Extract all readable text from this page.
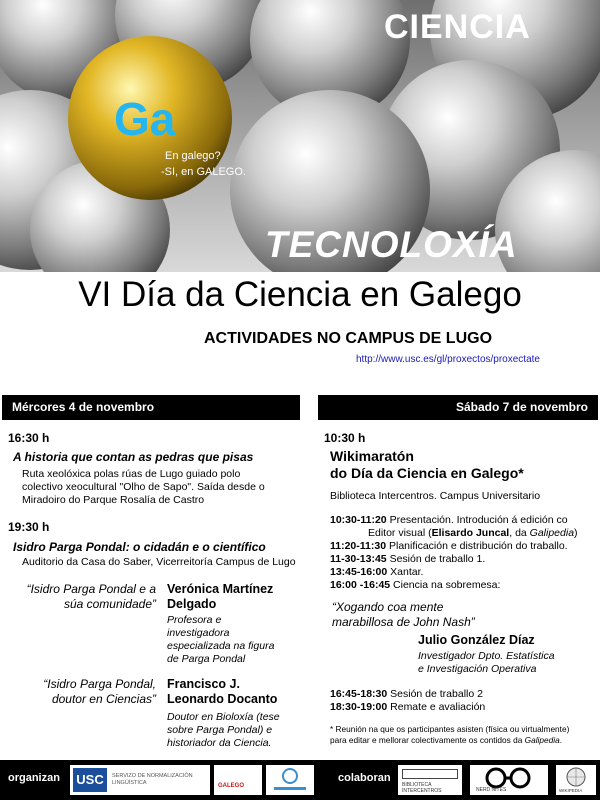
CIENCIA
Ga
En galego?
-SI, en GALEGO.
TECNOLOXÍA
VI Día da Ciencia en Galego
ACTIVIDADES NO CAMPUS DE LUGO
http://www.usc.es/gl/proxectos/proxectate
Mércores 4 de novembro	Sábado 7 de novembro
16:30 h
A historia que contan as pedras que pisas
Ruta xeolóxica polas rúas de Lugo guiado polo
colectivo xeocultural "Olho de Sapo". Saída desde o
Miradoiro do Parque Rosalía de Castro
19:30 h
Isidro Parga Pondal: o cidadán e o científico
Auditorio da Casa do Saber, Vicerreitoría Campus de Lugo
“Isidro Parga Pondal e a
súa comunidade”
Verónica Martínez
Delgado
Profesora e
investigadora
especializada na figura
de Parga Pondal
“Isidro Parga Pondal,
doutor en Ciencias”
Francisco J.
Leonardo Docanto
Doutor en Bioloxía (tese
sobre Parga Pondal) e
historiador da Ciencia.
10:30 h
Wikimaratón
do Día da Ciencia en Galego*
Biblioteca Intercentros. Campus Universitario
10:30-11:20 Presentación. Introdución á edición co
Editor visual (Elisardo Juncal, da Galipedia)
11:20-11:30 Planificación e distribución do traballo.
11-30-13:45 Sesión de traballo 1.
13:45-16:00 Xantar.
16:00 -16:45 Ciencia na sobremesa:
“Xogando coa mente
marabillosa de John Nash”
Julio González Díaz
Investigador Dpto. Estatística
e Investigación Operativa
16:45-18:30 Sesión de traballo 2
18:30-19:00 Remate e avaliación
* Reunión na que os participantes asisten (física ou virtualmente)
para editar e mellorar colectivamente os contidos da Galipedia.
organizan USC	SERVIZO DE NORMALIZACIÓN
LINGÜÍSTICA	GALEGO
colaboran
BIBLIOTECA
INTERCENTROS	NERD NITES	WIKIPEDIA
